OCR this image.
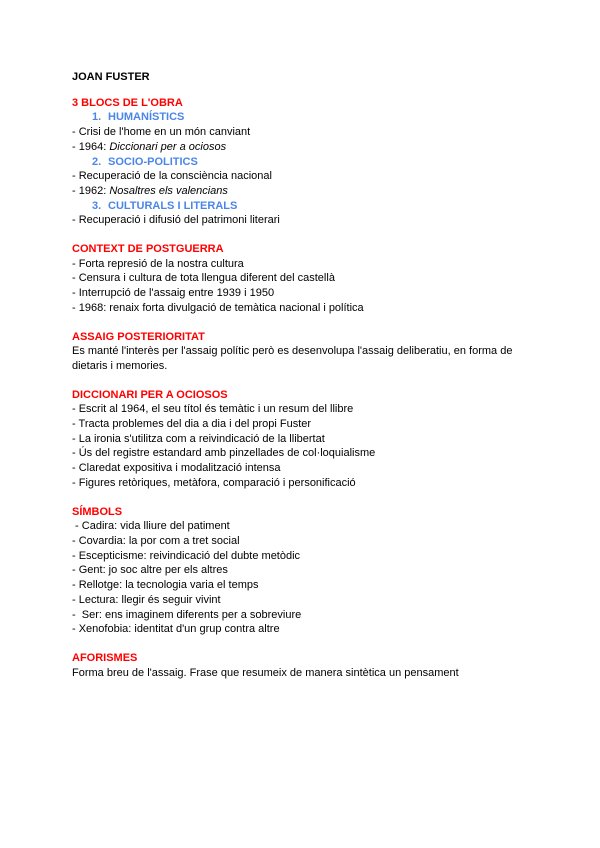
JOAN FUSTER

3 BLOCS DE L'OBRA

1. HUMANÍSTICS

- Crisi de l'home en un món canviant

- 1964: Diccionari per a ociosos

2. SOCIO-POLITICS

- Recuperació de la consciència nacional

- 1962: Nosaltres els valencians

3. CULTURALS I LITERALS

- Recuperació i difusió del patrimoni literari

CONTEXT DE POSTGUERRA

- Forta represió de la nostra cultura

- Censura i cultura de tota llengua diferent del castellà

- Interrupció de l'assaig entre 1939 i 1950

- 1968: renaix forta divulgació de temàtica nacional i política

ASSAIG POSTERIORITAT

Es manté l'interès per l'assaig polític però es desenvolupa l'assaig deliberatiu, en forma de

dietaris i memories.

DICCIONARI PER A OCIOSOS

- Escrit al 1964, el seu títol és temàtic i un resum del llibre

- Tracta problemes del dia a dia i del propi Fuster

- La ironia s'utilitza com a reivindicació de la llibertat

- Ús del registre estandard amb pinzellades de col·loquialisme

- Claredat expositiva i modalització intensa

- Figures retòriques, metàfora, comparació i personificació

SÍMBOLS

- Cadira: vida lliure del patiment

- Covardia: la por com a tret social

- Escepticisme: reivindicació del dubte metòdic

- Gent: jo soc altre per els altres

- Rellotge: la tecnologia varia el temps

- Lectura: llegir és seguir vivint

-  Ser: ens imaginem diferents per a sobreviure

- Xenofobia: identitat d'un grup contra altre

AFORISMES

Forma breu de l'assaig. Frase que resumeix de manera sintètica un pensament
